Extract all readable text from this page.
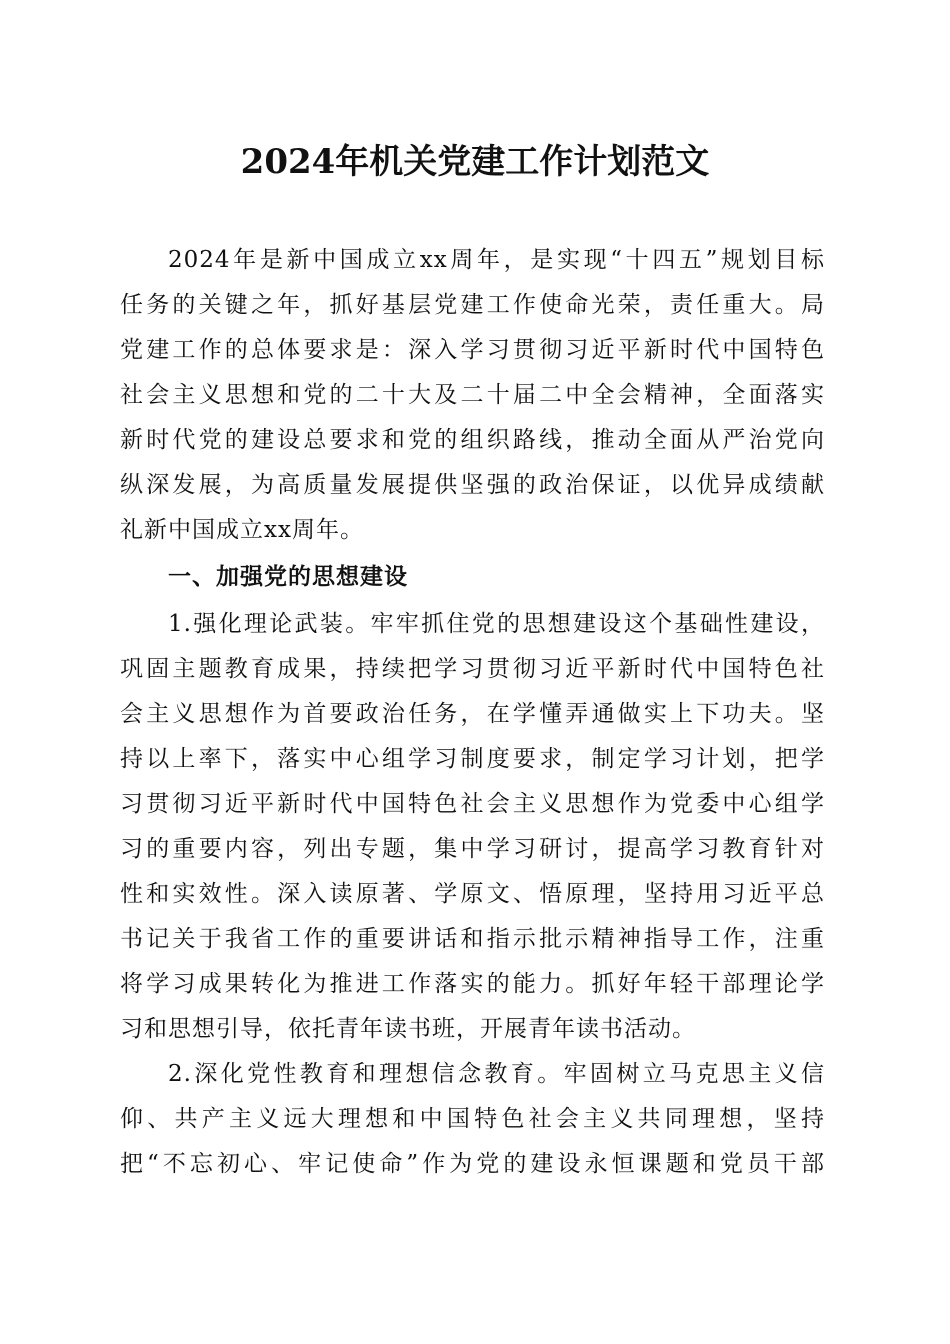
2024年机关党建工作计划范文
2024年是新中国成立xx周年，是实现“十四五”规划目标
任务的关键之年，抓好基层党建工作使命光荣，责任重大。局
党建工作的总体要求是：深入学习贯彻习近平新时代中国特色
社会主义思想和党的二十大及二十届二中全会精神，全面落实
新时代党的建设总要求和党的组织路线，推动全面从严治党向
纵深发展，为高质量发展提供坚强的政治保证，以优异成绩献
礼新中国成立xx周年。
一、加强党的思想建设
1.强化理论武装。牢牢抓住党的思想建设这个基础性建设，
巩固主题教育成果，持续把学习贯彻习近平新时代中国特色社
会主义思想作为首要政治任务，在学懂弄通做实上下功夫。坚
持以上率下，落实中心组学习制度要求，制定学习计划，把学
习贯彻习近平新时代中国特色社会主义思想作为党委中心组学
习的重要内容，列出专题，集中学习研讨，提高学习教育针对
性和实效性。深入读原著、学原文、悟原理，坚持用习近平总
书记关于我省工作的重要讲话和指示批示精神指导工作，注重
将学习成果转化为推进工作落实的能力。抓好年轻干部理论学
习和思想引导，依托青年读书班，开展青年读书活动。
2.深化党性教育和理想信念教育。牢固树立马克思主义信
仰、共产主义远大理想和中国特色社会主义共同理想，坚持
把“不忘初心、牢记使命”作为党的建设永恒课题和党员干部
